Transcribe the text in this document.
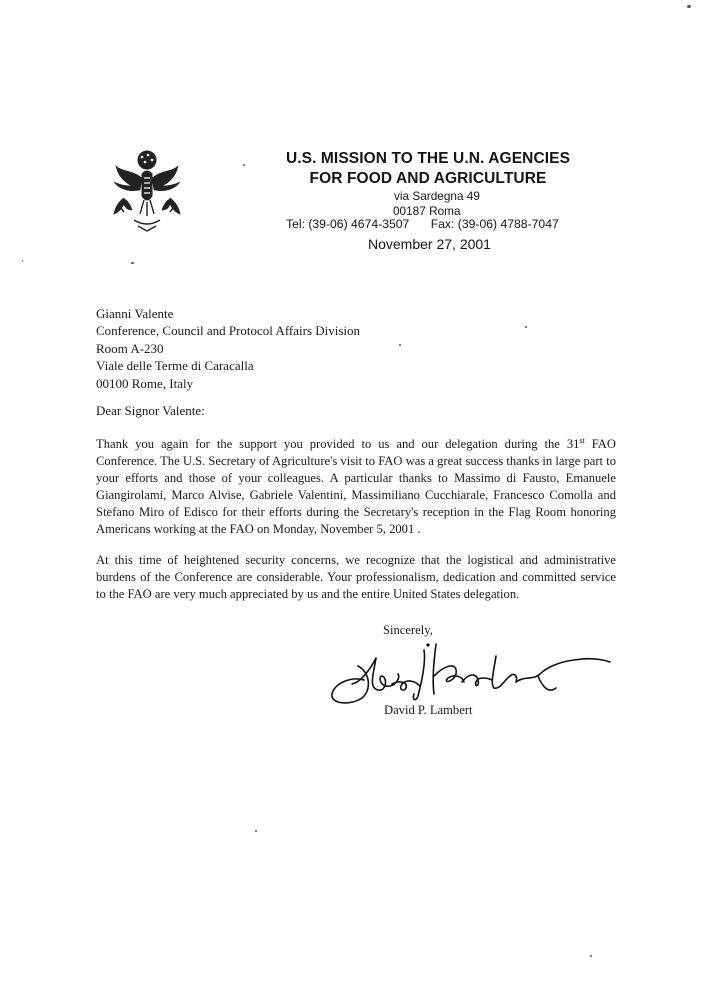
U.S. MISSION TO THE U.N. AGENCIES
FOR FOOD AND AGRICULTURE
via Sardegna 49
00187 Roma
Tel: (39-06) 4674-3507 Fax: (39-06) 4788-7047
November 27, 2001
Gianni Valente
Conference, Council and Protocol Affairs Division
Room A-230
Viale delle Terme di Caracalla
00100 Rome, Italy
Dear Signor Valente:

Thank you again for the support you provided to us and our delegation during the 31st FAO Conference. The U.S. Secretary of Agriculture's visit to FAO was a great success thanks in large part to your efforts and those of your colleagues. A particular thanks to Massimo di Fausto, Emanuele Giangirolami, Marco Alvise, Gabriele Valentini, Massimiliano Cucchiarale, Francesco Comolla and Stefano Miro of Edisco for their efforts during the Secretary's reception in the Flag Room honoring Americans working at the FAO on Monday, November 5, 2001 .

At this time of heightened security concerns, we recognize that the logistical and administrative burdens of the Conference are considerable. Your professionalism, dedication and committed service to the FAO are very much appreciated by us and the entire United States delegation.

Sincerely,
David P. Lambert
